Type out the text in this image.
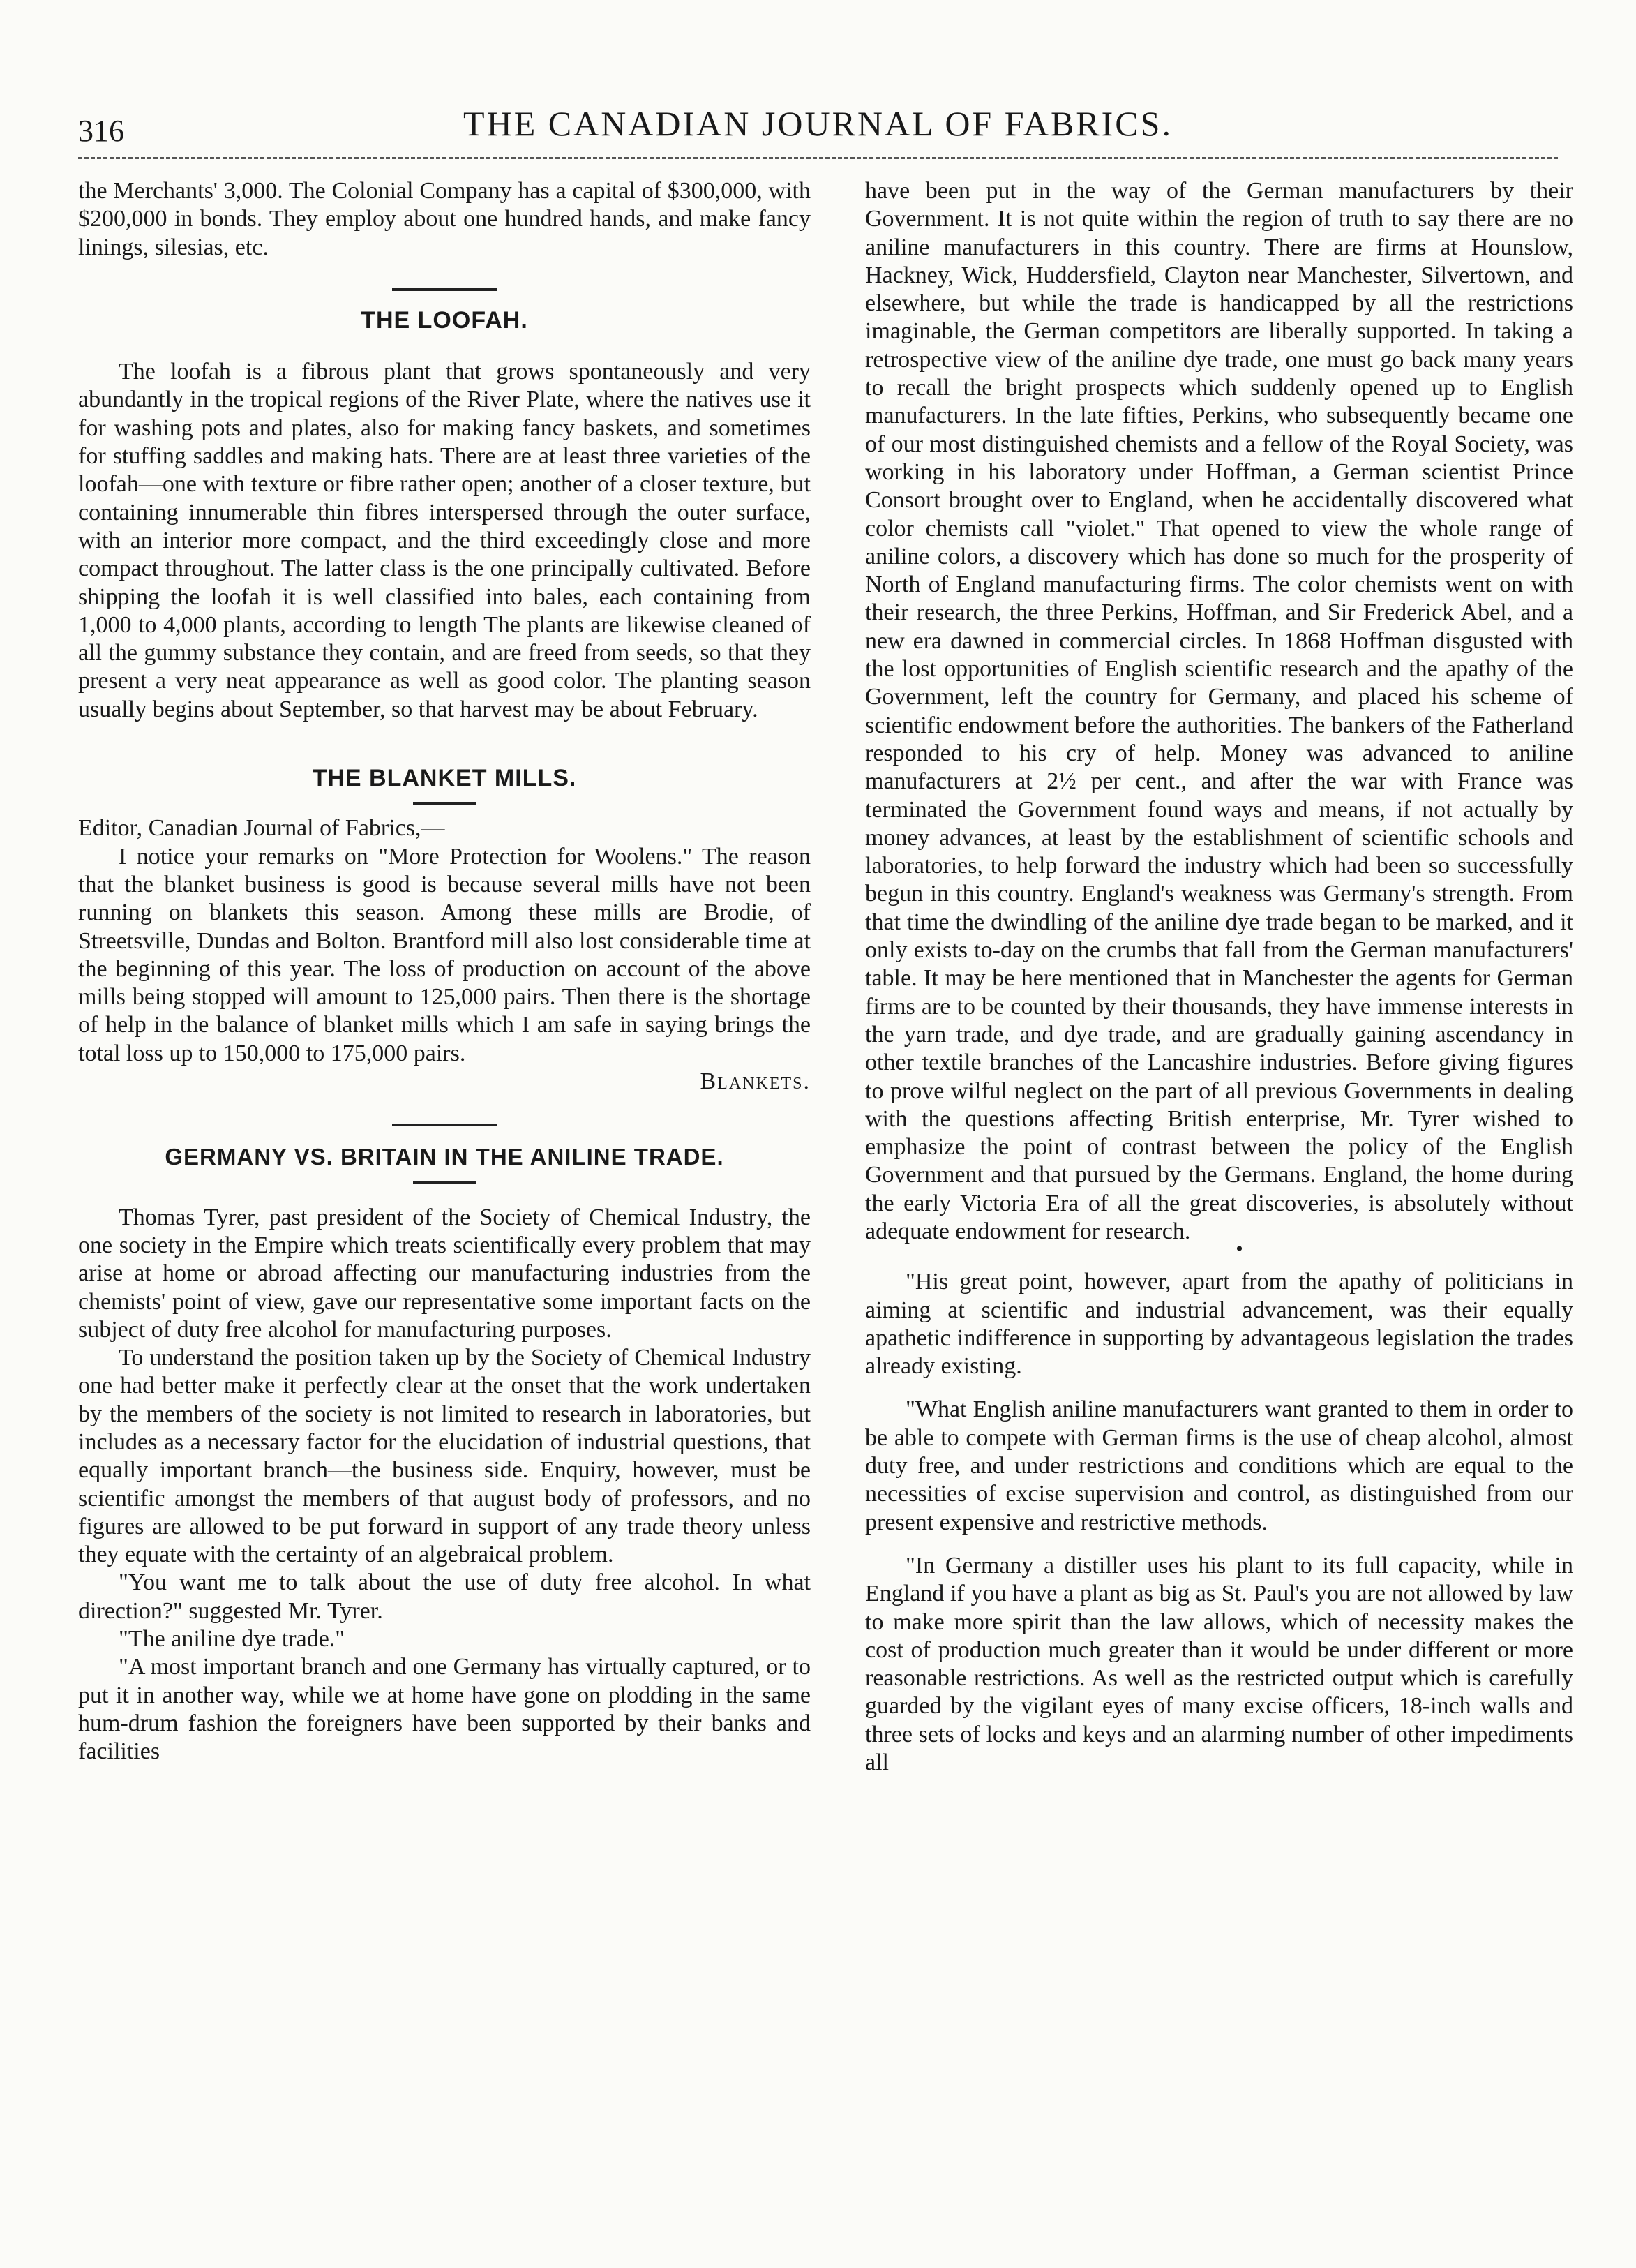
316	THE CANADIAN JOURNAL OF FABRICS.

the Merchants' 3,000. The Colonial Company has a capital of $300,000, with $200,000 in bonds. They employ about one hundred hands, and make fancy linings, silesias, etc.

THE LOOFAH.

The loofah is a fibrous plant that grows spontaneously and very abundantly in the tropical regions of the River Plate, where the natives use it for washing pots and plates, also for making fancy baskets, and sometimes for stuffing saddles and making hats. There are at least three varieties of the loofah—one with texture or fibre rather open; another of a closer texture, but containing innumerable thin fibres interspersed through the outer surface, with an interior more compact, and the third exceedingly close and more compact throughout. The latter class is the one principally cultivated. Before shipping the loofah it is well classified into bales, each containing from 1,000 to 4,000 plants, according to length The plants are likewise cleaned of all the gummy substance they contain, and are freed from seeds, so that they present a very neat appearance as well as good color. The planting season usually begins about September, so that harvest may be about February.

THE BLANKET MILLS.

Editor, Canadian Journal of Fabrics,—

I notice your remarks on "More Protection for Woolens." The reason that the blanket business is good is because several mills have not been running on blankets this season. Among these mills are Brodie, of Streetsville, Dundas and Bolton. Brantford mill also lost considerable time at the beginning of this year. The loss of production on account of the above mills being stopped will amount to 125,000 pairs. Then there is the shortage of help in the balance of blanket mills which I am safe in saying brings the total loss up to 150,000 to 175,000 pairs.

Blankets.

GERMANY VS. BRITAIN IN THE ANILINE TRADE.

Thomas Tyrer, past president of the Society of Chemical Industry, the one society in the Empire which treats scientifically every problem that may arise at home or abroad affecting our manufacturing industries from the chemists' point of view, gave our representative some important facts on the subject of duty free alcohol for manufacturing purposes.

To understand the position taken up by the Society of Chemical Industry one had better make it perfectly clear at the onset that the work undertaken by the members of the society is not limited to research in laboratories, but includes as a necessary factor for the elucidation of industrial questions, that equally important branch—the business side. Enquiry, however, must be scientific amongst the members of that august body of professors, and no figures are allowed to be put forward in support of any trade theory unless they equate with the certainty of an algebraical problem.

"You want me to talk about the use of duty free alcohol. In what direction?" suggested Mr. Tyrer.

"The aniline dye trade."

"A most important branch and one Germany has virtually captured, or to put it in another way, while we at home have gone on plodding in the same hum-drum fashion the foreigners have been supported by their banks and facilities

have been put in the way of the German manufacturers by their Government. It is not quite within the region of truth to say there are no aniline manufacturers in this country. There are firms at Hounslow, Hackney, Wick, Huddersfield, Clayton near Manchester, Silvertown, and elsewhere, but while the trade is handicapped by all the restrictions imaginable, the German competitors are liberally supported. In taking a retrospective view of the aniline dye trade, one must go back many years to recall the bright prospects which suddenly opened up to English manufacturers. In the late fifties, Perkins, who subsequently became one of our most distinguished chemists and a fellow of the Royal Society, was working in his laboratory under Hoffman, a German scientist Prince Consort brought over to England, when he accidentally discovered what color chemists call "violet." That opened to view the whole range of aniline colors, a discovery which has done so much for the prosperity of North of England manufacturing firms. The color chemists went on with their research, the three Perkins, Hoffman, and Sir Frederick Abel, and a new era dawned in commercial circles. In 1868 Hoffman disgusted with the lost opportunities of English scientific research and the apathy of the Government, left the country for Germany, and placed his scheme of scientific endowment before the authorities. The bankers of the Fatherland responded to his cry of help. Money was advanced to aniline manufacturers at 2½ per cent., and after the war with France was terminated the Government found ways and means, if not actually by money advances, at least by the establishment of scientific schools and laboratories, to help forward the industry which had been so successfully begun in this country. England's weakness was Germany's strength. From that time the dwindling of the aniline dye trade began to be marked, and it only exists to-day on the crumbs that fall from the German manufacturers' table. It may be here mentioned that in Manchester the agents for German firms are to be counted by their thousands, they have immense interests in the yarn trade, and dye trade, and are gradually gaining ascendancy in other textile branches of the Lancashire industries. Before giving figures to prove wilful neglect on the part of all previous Governments in dealing with the questions affecting British enterprise, Mr. Tyrer wished to emphasize the point of contrast between the policy of the English Government and that pursued by the Germans. England, the home during the early Victoria Era of all the great discoveries, is absolutely without adequate endowment for research.

•

"His great point, however, apart from the apathy of politicians in aiming at scientific and industrial advancement, was their equally apathetic indifference in supporting by advantageous legislation the trades already existing.

"What English aniline manufacturers want granted to them in order to be able to compete with German firms is the use of cheap alcohol, almost duty free, and under restrictions and conditions which are equal to the necessities of excise supervision and control, as distinguished from our present expensive and restrictive methods.

"In Germany a distiller uses his plant to its full capacity, while in England if you have a plant as big as St. Paul's you are not allowed by law to make more spirit than the law allows, which of necessity makes the cost of production much greater than it would be under different or more reasonable restrictions. As well as the restricted output which is carefully guarded by the vigilant eyes of many excise officers, 18-inch walls and three sets of locks and keys and an alarming number of other impediments all
